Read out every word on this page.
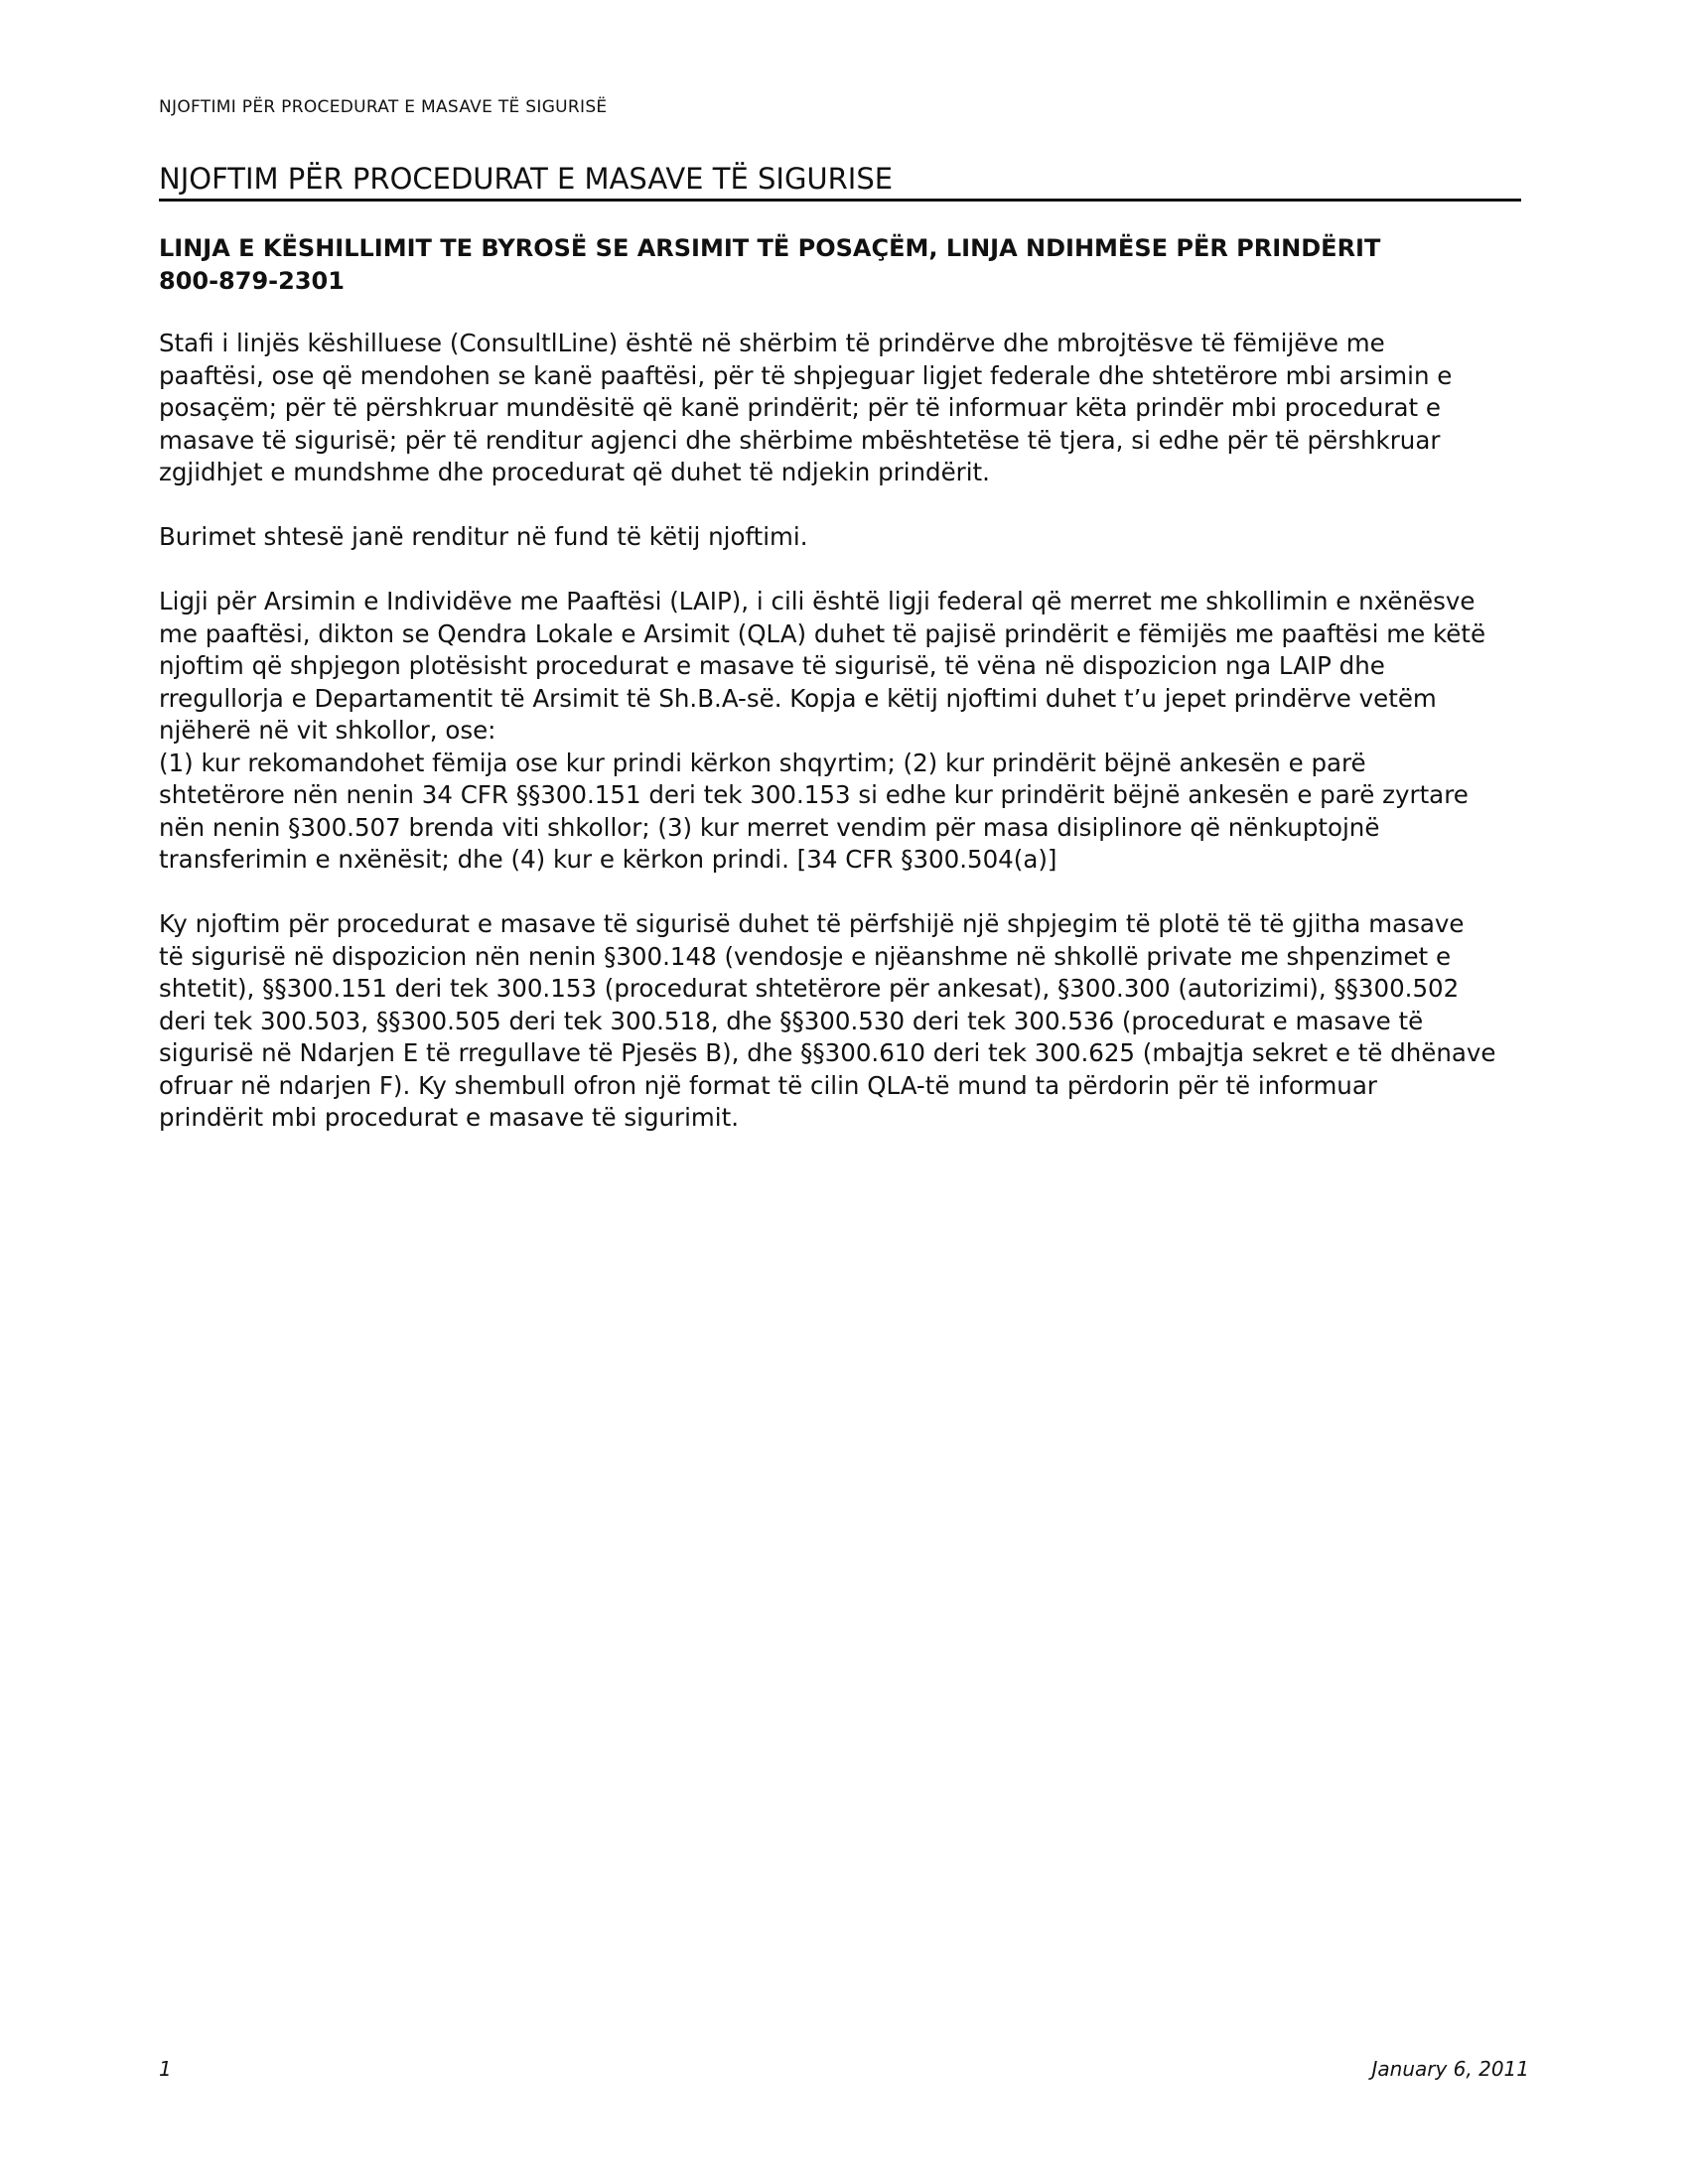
NJOFTIMI PËR PROCEDURAT E MASAVE TË SIGURISË
NJOFTIM PËR PROCEDURAT E MASAVE TË SIGURISE
LINJA E KËSHILLIMIT TE BYROSË SE ARSIMIT TË POSAÇËM, LINJA NDIHMËSE PËR PRINDËRIT
800-879-2301

Stafi i linjës këshilluese (ConsultlLine) është në shërbim të prindërve dhe mbrojtësve të fëmijëve me
paaftësi, ose që mendohen se kanë paaftësi, për të shpjeguar ligjet federale dhe shtetërore mbi arsimin e
posaçëm; për të përshkruar mundësitë që kanë prindërit; për të informuar këta prindër mbi procedurat e
masave të sigurisë; për të renditur agjenci dhe shërbime mbështetëse të tjera, si edhe për të përshkruar
zgjidhjet e mundshme dhe procedurat që duhet të ndjekin prindërit.

Burimet shtesë janë renditur në fund të këtij njoftimi.

Ligji për Arsimin e Individëve me Paaftësi (LAIP), i cili është ligji federal që merret me shkollimin e nxënësve
me paaftësi, dikton se Qendra Lokale e Arsimit (QLA) duhet të pajisë prindërit e fëmijës me paaftësi me këtë
njoftim që shpjegon plotësisht procedurat e masave të sigurisë, të vëna në dispozicion nga LAIP dhe
rregullorja e Departamentit të Arsimit të Sh.B.A-së. Kopja e këtij njoftimi duhet t’u jepet prindërve vetëm
njëherë në vit shkollor, ose:
(1) kur rekomandohet fëmija ose kur prindi kërkon shqyrtim; (2) kur prindërit bëjnë ankesën e parë
shtetërore nën nenin 34 CFR §§300.151 deri tek 300.153 si edhe kur prindërit bëjnë ankesën e parë zyrtare
nën nenin §300.507 brenda viti shkollor; (3) kur merret vendim për masa disiplinore që nënkuptojnë
transferimin e nxënësit; dhe (4) kur e kërkon prindi. [34 CFR §300.504(a)]

Ky njoftim për procedurat e masave të sigurisë duhet të përfshijë një shpjegim të plotë të të gjitha masave
të sigurisë në dispozicion nën nenin §300.148 (vendosje e njëanshme në shkollë private me shpenzimet e
shtetit), §§300.151 deri tek 300.153 (procedurat shtetërore për ankesat), §300.300 (autorizimi), §§300.502
deri tek 300.503, §§300.505 deri tek 300.518, dhe §§300.530 deri tek 300.536 (procedurat e masave të
sigurisë në Ndarjen E të rregullave të Pjesës B), dhe §§300.610 deri tek 300.625 (mbajtja sekret e të dhënave
ofruar në ndarjen F). Ky shembull ofron një format të cilin QLA-të mund ta përdorin për të informuar
prindërit mbi procedurat e masave të sigurimit.

1	January 6, 2011
